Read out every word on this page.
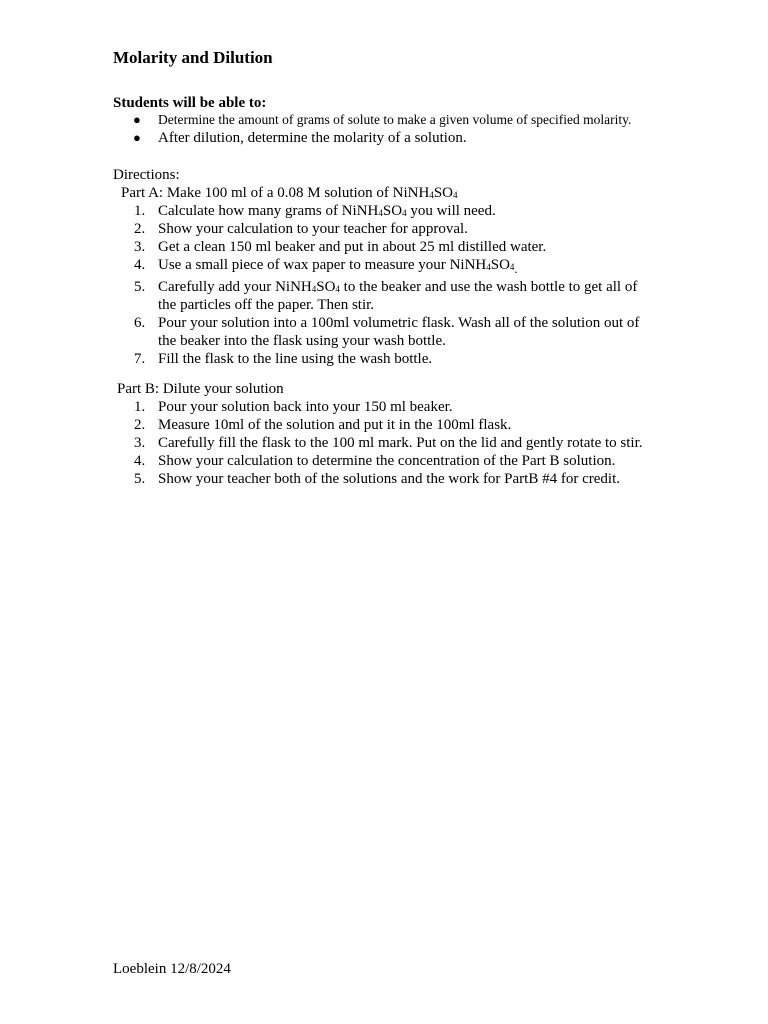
Molarity and Dilution
Students will be able to:
● Determine the amount of grams of solute to make a given volume of specified molarity.
● After dilution, determine the molarity of a solution.
Directions:
Part A: Make 100 ml of a 0.08 M solution of $NiNH_4SO_4$
1. Calculate how many grams of $NiNH_4SO_4$ you will need.
2. Show your calculation to your teacher for approval.
3. Get a clean 150 ml beaker and put in about 25 ml distilled water.
4. Use a small piece of wax paper to measure your $NiNH_4SO_{4.}$
5. Carefully add your $NiNH_4SO_4$ to the beaker and use the wash bottle to get all of
the particles off the paper. Then stir.
6. Pour your solution into a 100ml volumetric flask. Wash all of the solution out of
the beaker into the flask using your wash bottle.
7. Fill the flask to the line using the wash bottle.
Part B: Dilute your solution
1. Pour your solution back into your 150 ml beaker.
2. Measure 10ml of the solution and put it in the 100ml flask.
3. Carefully fill the flask to the 100 ml mark. Put on the lid and gently rotate to stir.
4. Show your calculation to determine the concentration of the Part B solution.
5. Show your teacher both of the solutions and the work for PartB #4 for credit.
Loeblein 12/8/2024
